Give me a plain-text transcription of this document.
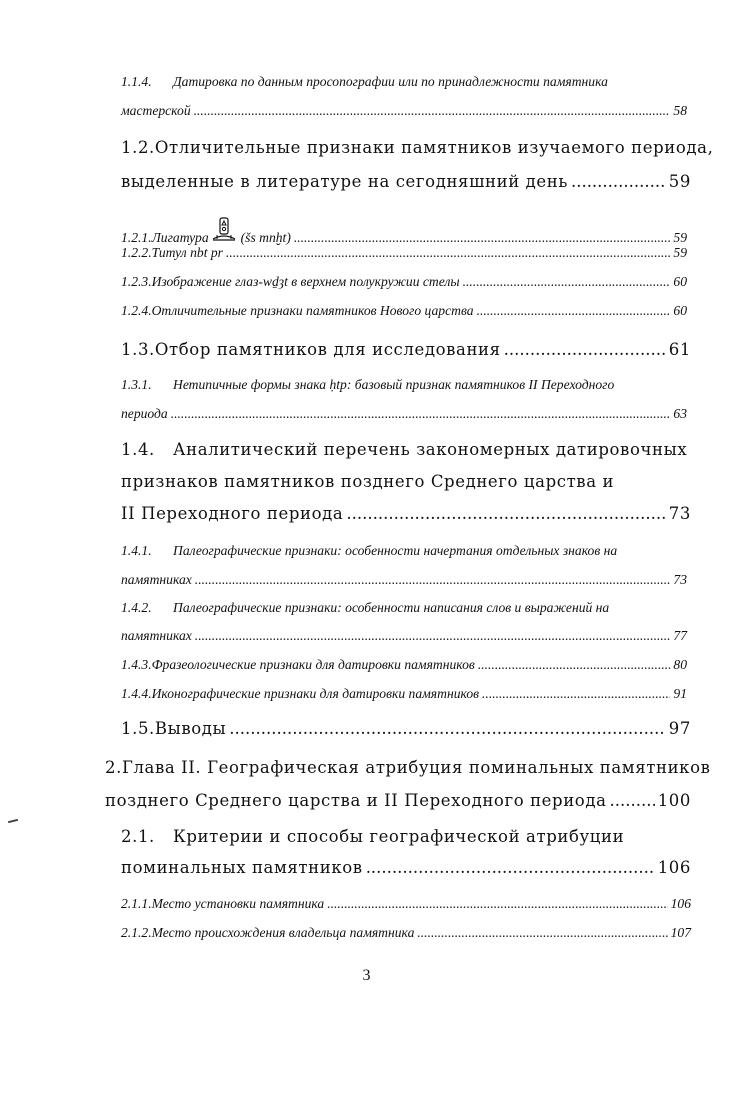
1.1.4.	Датировка по данным просопографии или по принадлежности памятника
мастерской .....	58
1.2. Отличительные признаки памятников изучаемого периода,
выделенные в литературе на сегодняшний день .....	59
1.2.1. Лигатура (šs mnḫt) .....	59
1.2.2. Титул nbt pr .....	59
1.2.3. Изображение глаз-wḏȝt в верхнем полукружии стелы .....	60
1.2.4. Отличительные признаки памятников Нового царства .....	60
1.3. Отбор памятников для исследования .....	61
1.3.1.	Нетипичные формы знака ḥtp: базовый признак памятников II Переходного
периода .....	63
1.4.	Аналитический перечень закономерных датировочных
признаков памятников позднего Среднего царства и
II Переходного периода .....	73
1.4.1.	Палеографические признаки: особенности начертания отдельных знаков на
памятниках .....	73
1.4.2.	Палеографические признаки: особенности написания слов и выражений на
памятниках .....	77
1.4.3. Фразеологические признаки для датировки памятников .....	80
1.4.4. Иконографические признаки для датировки памятников .....	91
1.5. Выводы .....	97
2. Глава II. Географическая атрибуция поминальных памятников
позднего Среднего царства и II Переходного периода .....	100
2.1.	Критерии и способы географической атрибуции
поминальных памятников .....	106
2.1.1. Место установки памятника .....	106
2.1.2. Место происхождения владельца памятника .....	107
3
